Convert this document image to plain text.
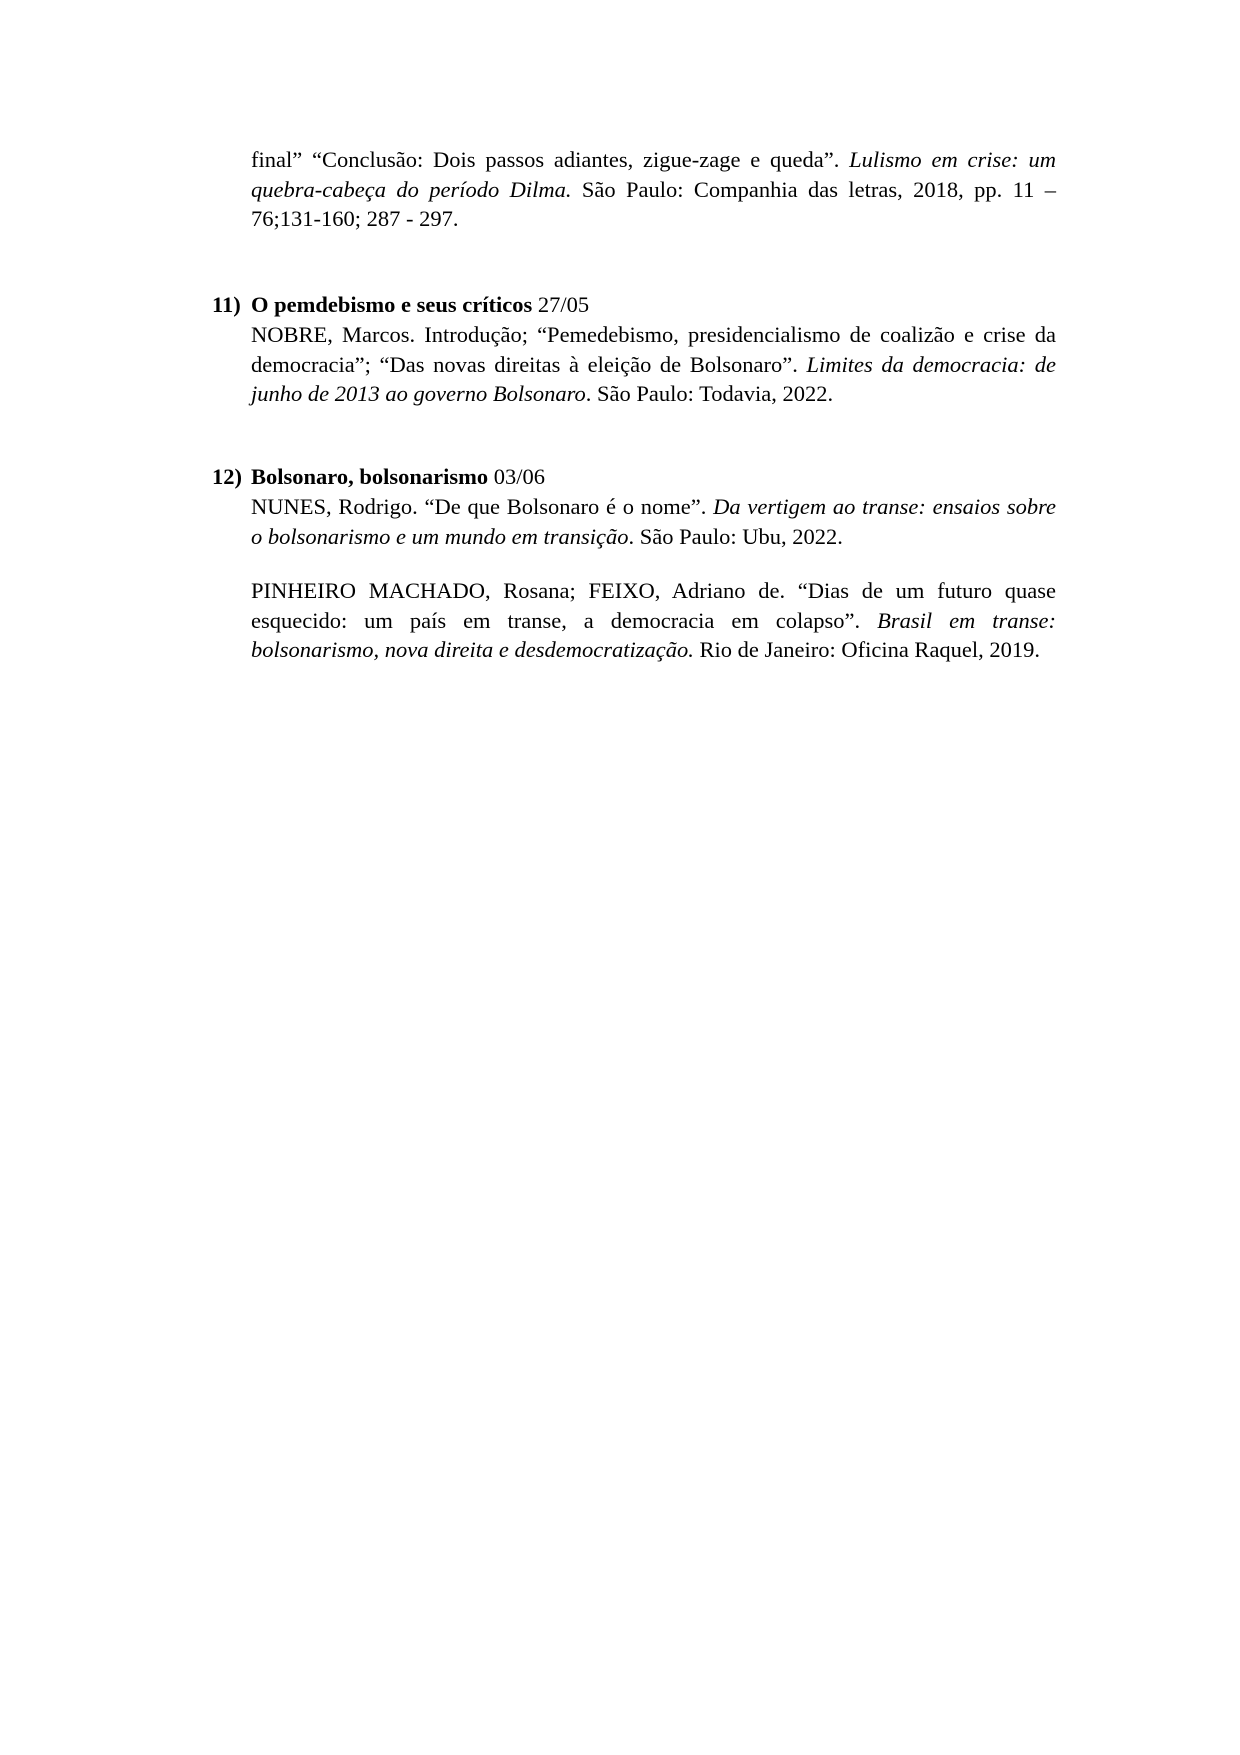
final” “Conclusão: Dois passos adiantes, zigue-zage e queda”. Lulismo em crise: um quebra-cabeça do período Dilma. São Paulo: Companhia das letras, 2018, pp. 11 – 76;131-160; 287 - 297.

11) O pemdebismo e seus críticos 27/05

NOBRE, Marcos. Introdução; “Pemedebismo, presidencialismo de coalizão e crise da democracia”; “Das novas direitas à eleição de Bolsonaro”. Limites da democracia: de junho de 2013 ao governo Bolsonaro. São Paulo: Todavia, 2022.

12) Bolsonaro, bolsonarismo 03/06

NUNES, Rodrigo. “De que Bolsonaro é o nome”. Da vertigem ao transe: ensaios sobre o bolsonarismo e um mundo em transição. São Paulo: Ubu, 2022.

PINHEIRO MACHADO, Rosana; FEIXO, Adriano de. “Dias de um futuro quase esquecido: um país em transe, a democracia em colapso”. Brasil em transe: bolsonarismo, nova direita e desdemocratização. Rio de Janeiro: Oficina Raquel, 2019.
